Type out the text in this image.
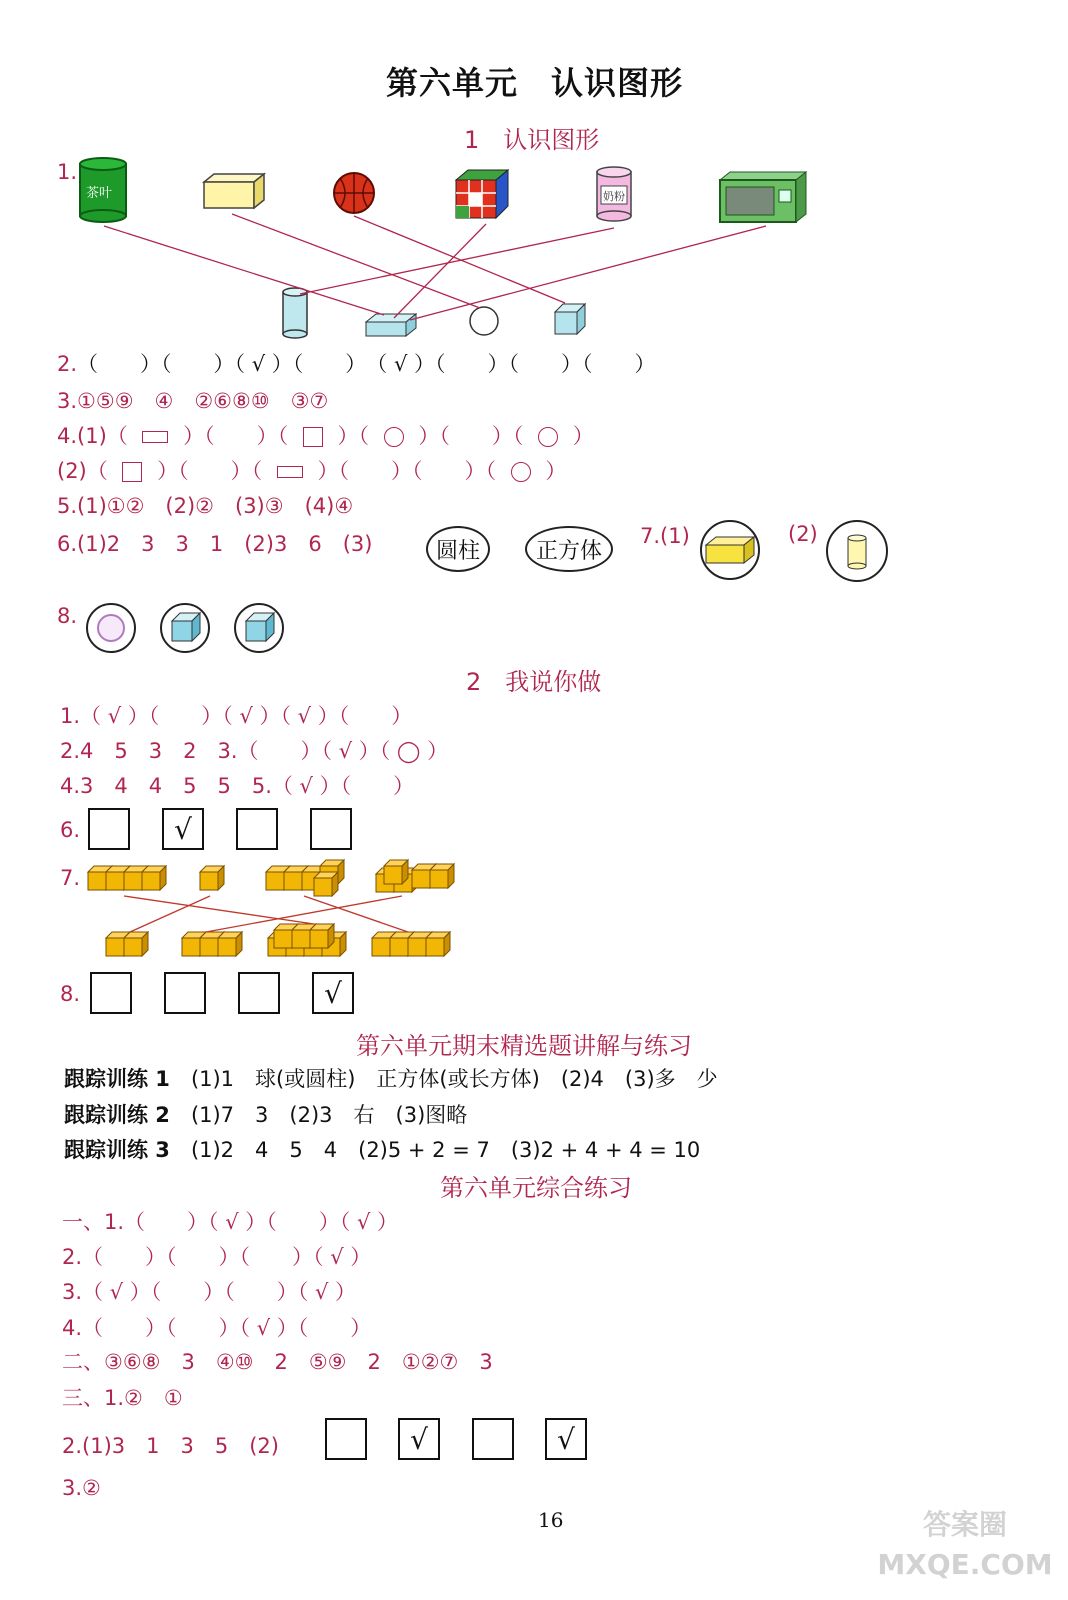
第六单元　认识图形
1　认识图形
1.
茶叶	奶粉
2.（　　）（　　）（ √ ）（　　）　（ √ ）（　　）（　　）（　　）
3.①⑤⑨　④　②⑥⑧⑩　③⑦
4.(1)（	）（　　）（ ）（ ）（　　）（ ）
(2)（ ）（　　）（	）（　　）（　　）（ ）
5.(1)①②　(2)②　(3)③　(4)④
6.(1)2　3　3　1　(2)3　6　(3)	圆柱	正方体
7.(1)	(2)
8.
2　我说你做
1.（ √ ）（　　）（ √ ）（ √ ）（　　）
2.4　5　3　2　3.（　　）（ √ ）（ ◯ ）
4.3　4　4　5　5　5.（ √ ）（　　）
6.	√
7.
8.	√
第六单元期末精选题讲解与练习
跟踪训练 1　 (1)1　球(或圆柱)　正方体(或长方体)　(2)4　(3)多　少
跟踪训练 2　 (1)7　3　(2)3　右　(3)图略
跟踪训练 3　 (1)2　4　5　4　(2)5 + 2 = 7　(3)2 + 4 + 4 = 10
第六单元综合练习
一、1.（　　）（ √ ）（　　）（ √ ）
2.（　　）（　　）（　　）（ √ ）
3.（ √ ）（　　）（　　）（ √ ）
4.（　　）（　　）（ √ ）（　　）
二、③⑥⑧　3　④⑩　2　⑤⑨　2　①②⑦　3
三、1.②　①
2.(1)3　1　3　5　(2)	√	√
3.②
16	答案圈 MXQE.COM
